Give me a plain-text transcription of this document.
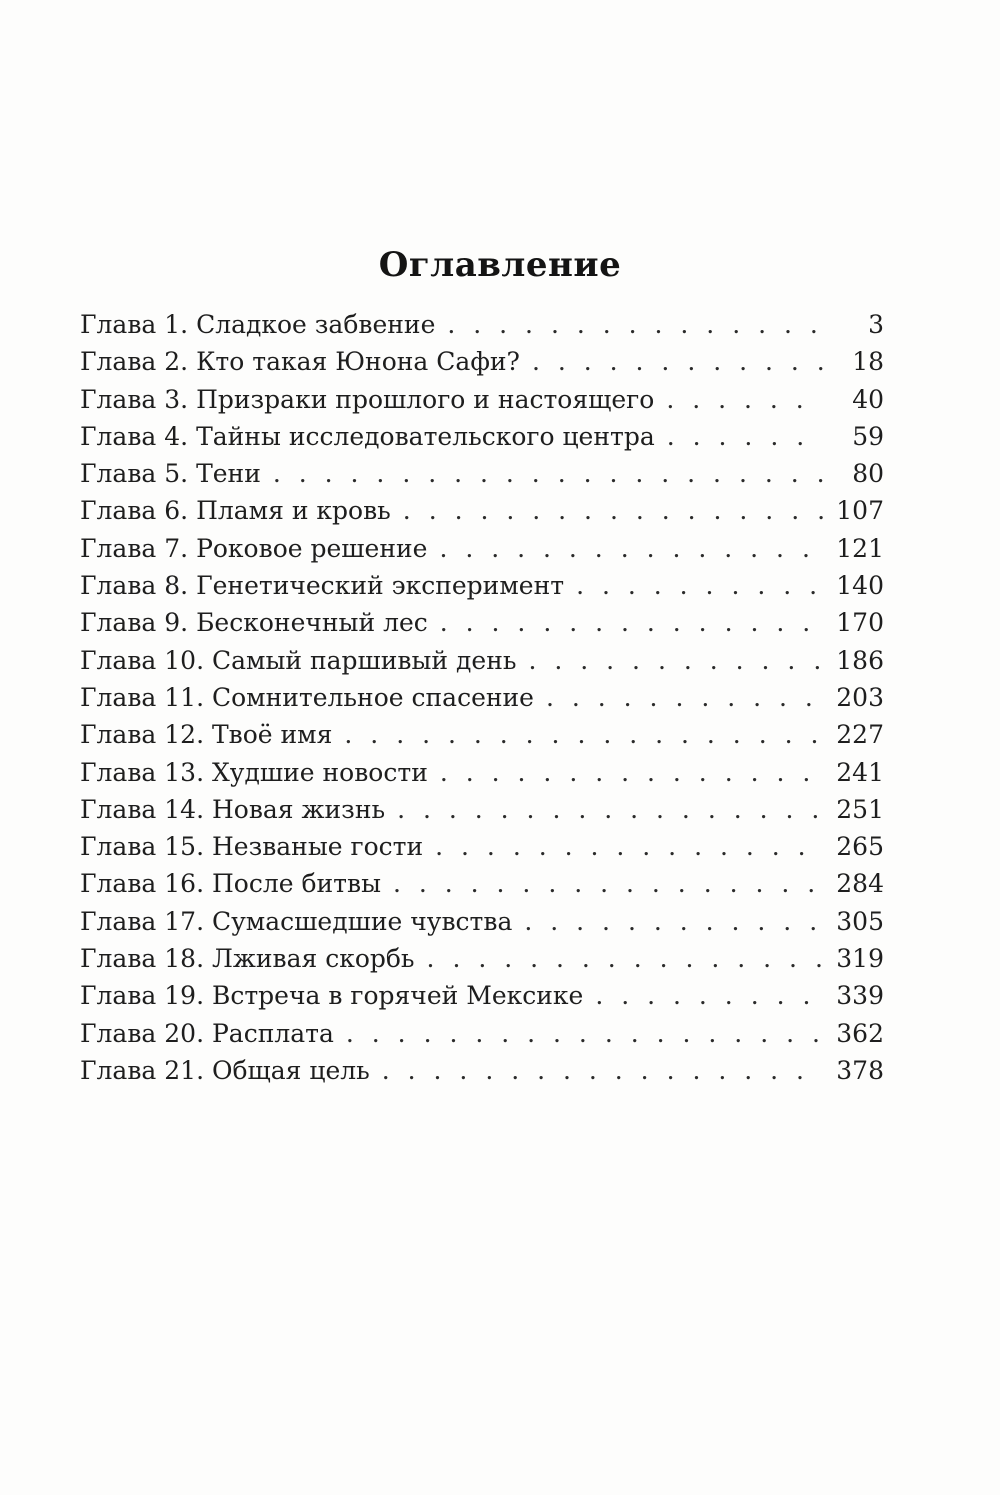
Оглавление
Глава 1. Сладкое забвение . . .	3
Глава 2. Кто такая Юнона Сафи? . . .	18
Глава 3. Призраки прошлого и настоящего . . .	40
Глава 4. Тайны исследовательского центра . . .	59
Глава 5. Тени . . .	80
Глава 6. Пламя и кровь . . .	107
Глава 7. Роковое решение . . .	121
Глава 8. Генетический эксперимент . . .	140
Глава 9. Бесконечный лес . . .	170
Глава 10. Самый паршивый день . . .	186
Глава 11. Сомнительное спасение . . .	203
Глава 12. Твоё имя . . .	227
Глава 13. Худшие новости . . .	241
Глава 14. Новая жизнь . . .	251
Глава 15. Незваные гости . . .	265
Глава 16. После битвы . . .	284
Глава 17. Сумасшедшие чувства . . .	305
Глава 18. Лживая скорбь . . .	319
Глава 19. Встреча в горячей Мексике . . .	339
Глава 20. Расплата . . .	362
Глава 21. Общая цель . . .	378
